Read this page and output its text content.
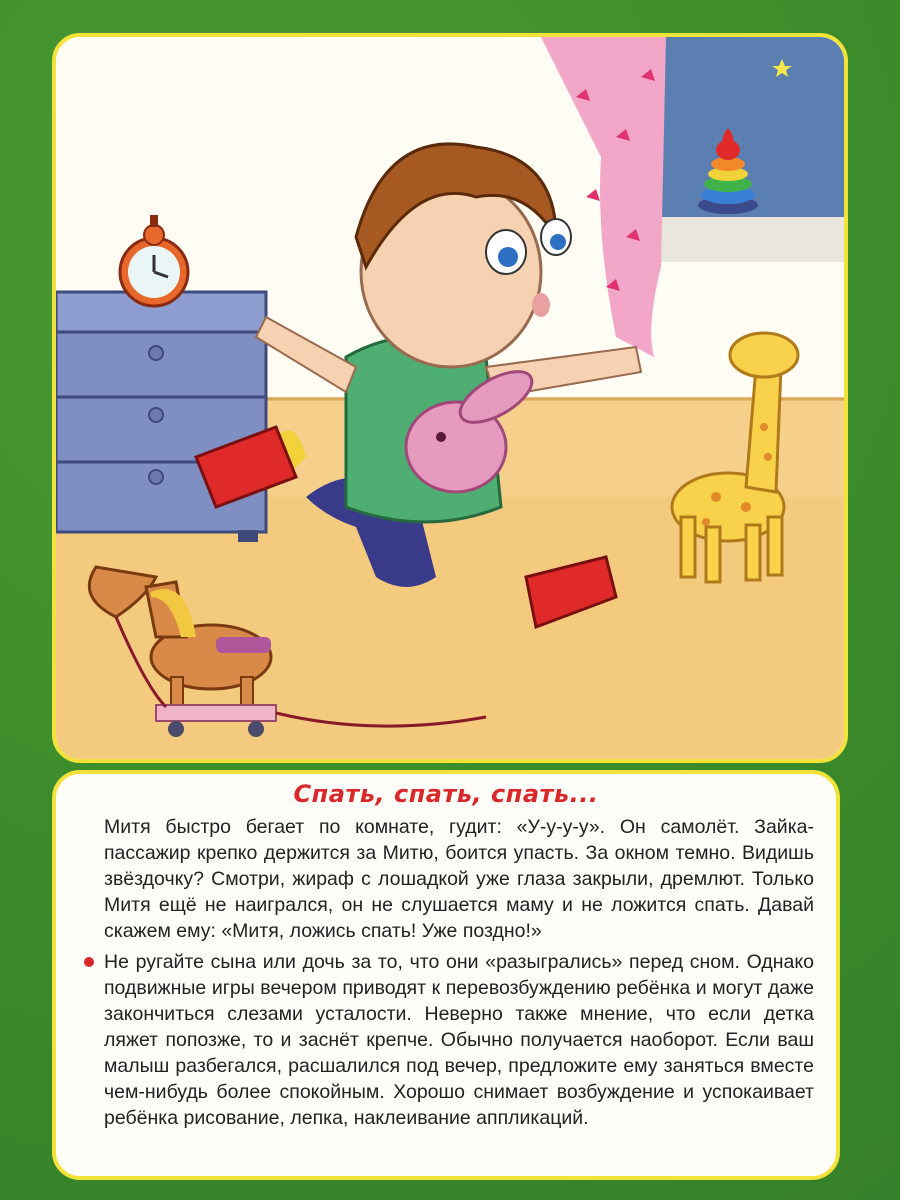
Спать, спать, спать...

Митя быстро бегает по комнате, гудит: «У-у-у-у». Он самолёт. Зайка-пассажир крепко держится за Митю, боится упасть. За окном темно. Видишь звёздочку? Смотри, жираф с лошадкой уже глаза закрыли, дремлют. Только Митя ещё не наигрался, он не слушается маму и не ложится спать. Давай скажем ему: «Митя, ложись спать! Уже поздно!»

Не ругайте сына или дочь за то, что они «разыгрались» перед сном. Однако подвижные игры вечером приводят к перевозбуждению ребёнка и могут даже закончиться слезами усталости. Неверно также мнение, что если детка ляжет попозже, то и заснёт крепче. Обычно получается наоборот. Если ваш малыш разбегался, расшалился под вечер, предложите ему заняться вместе чем-нибудь более спокойным. Хорошо снимает возбуждение и успокаивает ребёнка рисование, лепка, наклеивание аппликаций.
